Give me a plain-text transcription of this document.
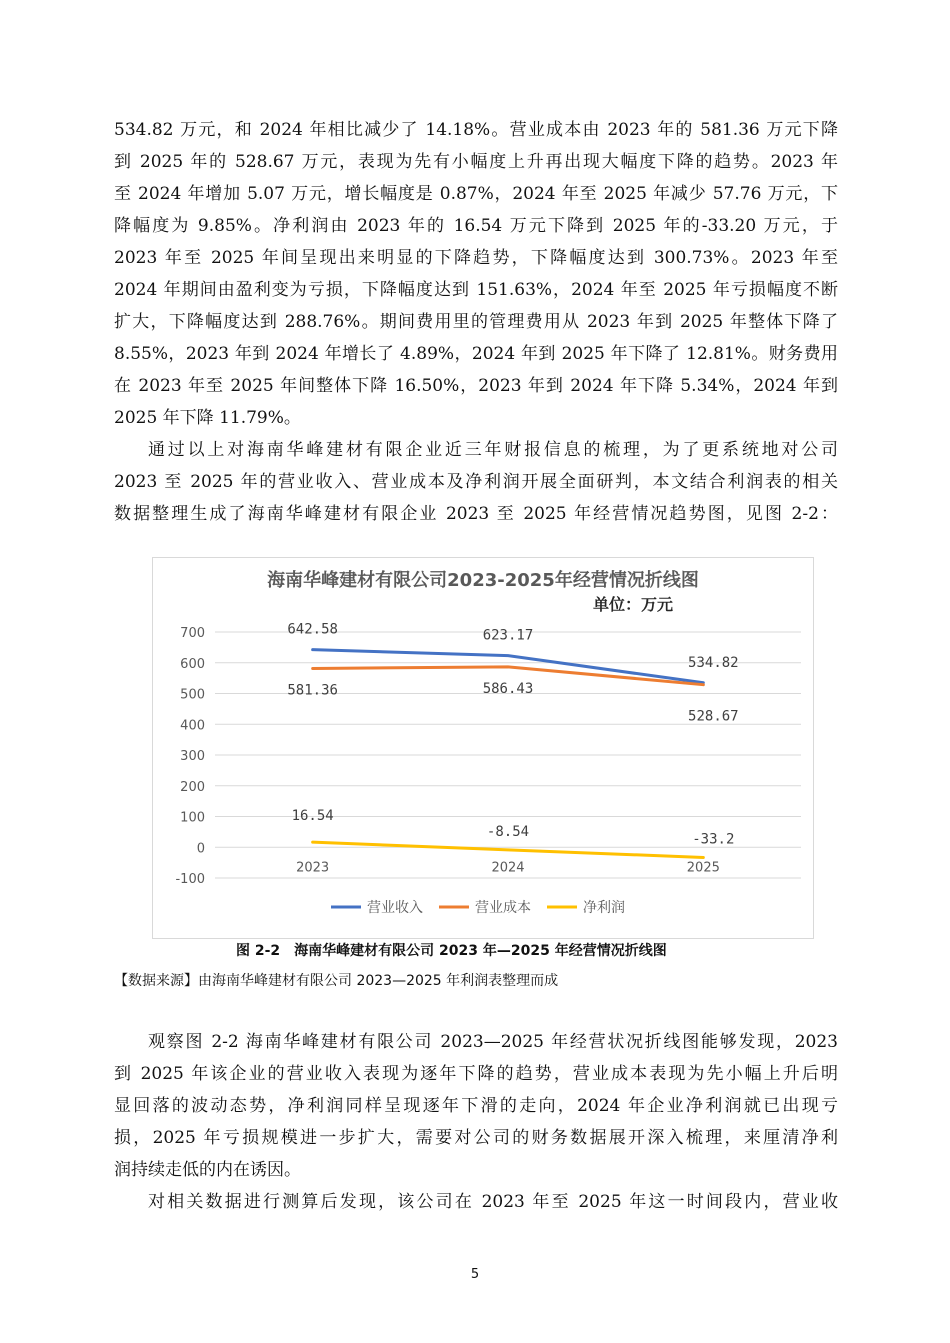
534.82 万元，和 2024 年相比减少了 14.18%。营业成本由 2023 年的 581.36 万元下降
到 2025 年的 528.67 万元，表现为先有小幅度上升再出现大幅度下降的趋势。2023 年
至 2024 年增加 5.07 万元，增长幅度是 0.87%，2024 年至 2025 年减少 57.76 万元，下
降幅度为 9.85%。净利润由 2023 年的 16.54 万元下降到 2025 年的-33.20 万元，于
2023 年至 2025 年间呈现出来明显的下降趋势，下降幅度达到 300.73%。2023 年至
2024 年期间由盈利变为亏损，下降幅度达到 151.63%，2024 年至 2025 年亏损幅度不断
扩大，下降幅度达到 288.76%。期间费用里的管理费用从 2023 年到 2025 年整体下降了
8.55%，2023 年到 2024 年增长了 4.89%，2024 年到 2025 年下降了 12.81%。财务费用
在 2023 年至 2025 年间整体下降 16.50%，2023 年到 2024 年下降 5.34%，2024 年到
2025 年下降 11.79%。
通过以上对海南华峰建材有限企业近三年财报信息的梳理，为了更系统地对公司
2023 至 2025 年的营业收入、营业成本及净利润开展全面研判，本文结合利润表的相关
数据整理生成了海南华峰建材有限企业 2023 至 2025 年经营情况趋势图，见图 2-2：
海南华峰建材有限公司2023-2025年经营情况折线图
单位：万元
700
600
500
400
300
200
100
0
-100
2023	2024	2025
642.58	623.17
534.82
581.36	586.43
528.67
16.54
-8.54	-33.2
营业收入	营业成本	净利润
图 2-2　海南华峰建材有限公司 2023 年—2025 年经营情况折线图
【数据来源】由海南华峰建材有限公司 2023—2025 年利润表整理而成
观察图 2-2 海南华峰建材有限公司 2023—2025 年经营状况折线图能够发现，2023
到 2025 年该企业的营业收入表现为逐年下降的趋势，营业成本表现为先小幅上升后明
显回落的波动态势，净利润同样呈现逐年下滑的走向，2024 年企业净利润就已出现亏
损，2025 年亏损规模进一步扩大，需要对公司的财务数据展开深入梳理，来厘清净利
润持续走低的内在诱因。
对相关数据进行测算后发现，该公司在 2023 年至 2025 年这一时间段内，营业收
5
